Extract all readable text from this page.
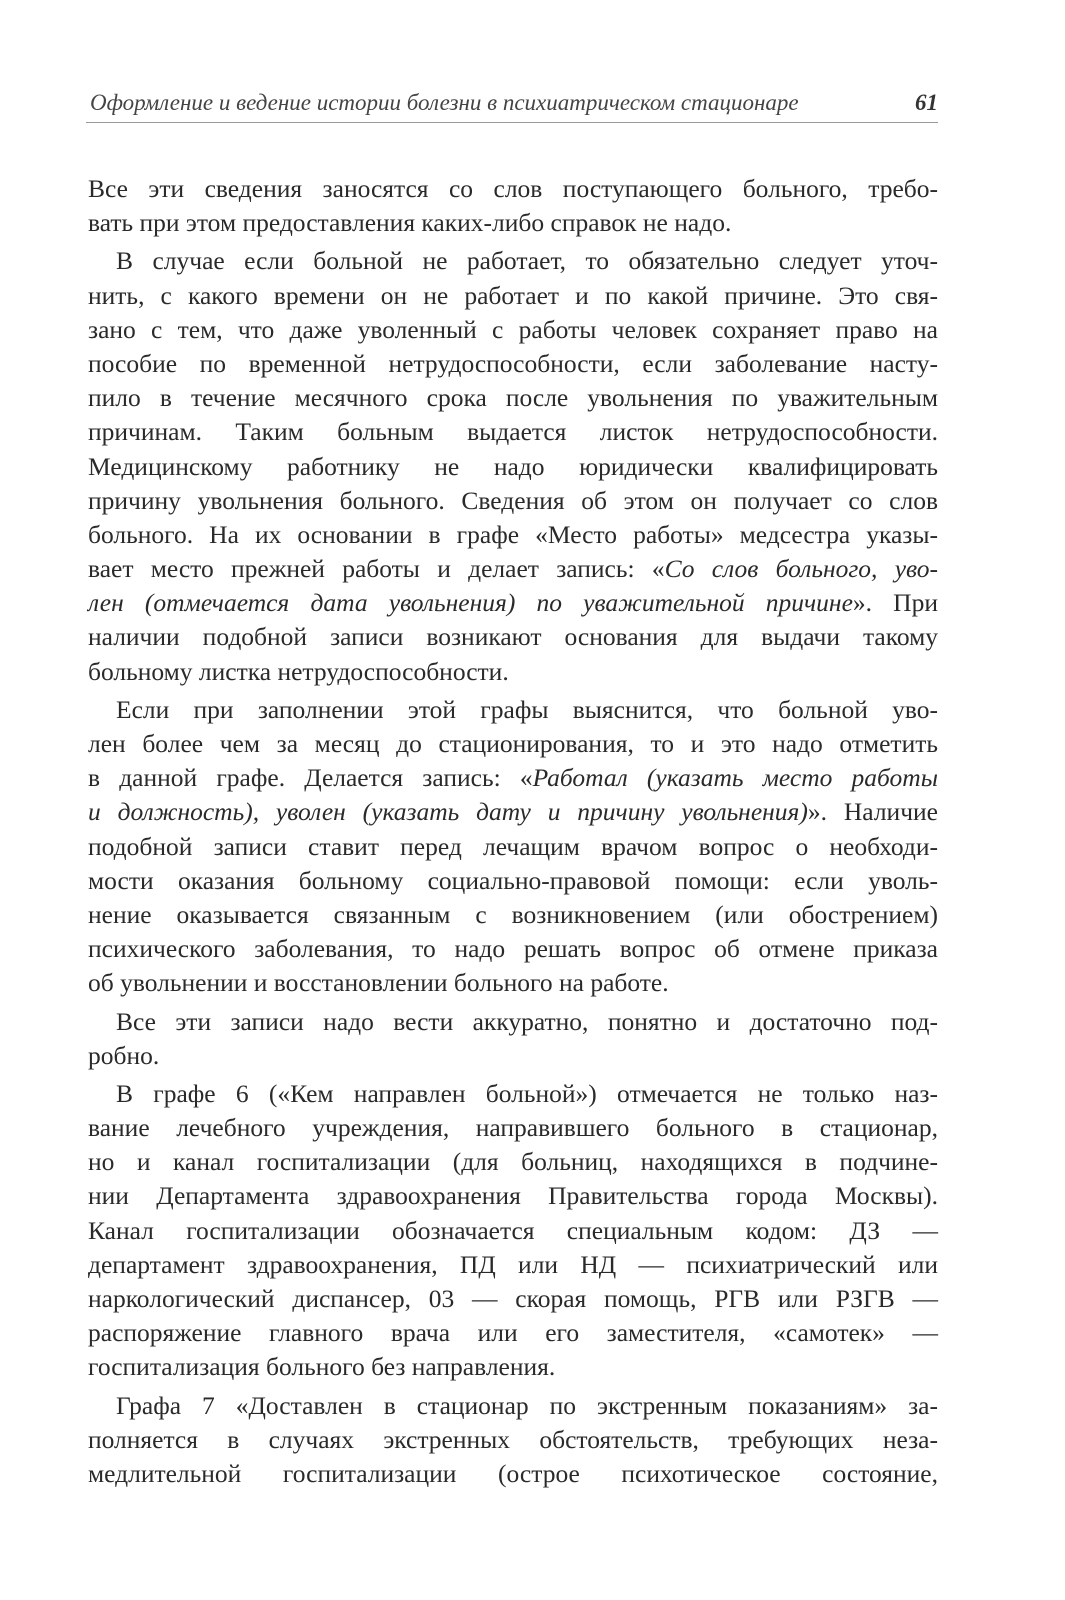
Оформление и ведение истории болезни в психиатрическом стационаре	61
Все эти сведения заносятся со слов поступающего больного, требо-
вать при этом предоставления каких-либо справок не надо.
В случае если больной не работает, то обязательно следует уточ-
нить, с какого времени он не работает и по какой причине. Это свя-
зано с тем, что даже уволенный с работы человек сохраняет право на
пособие по временной нетрудоспособности, если заболевание насту-
пило в течение месячного срока после увольнения по уважительным
причинам. Таким больным выдается листок нетрудоспособности.
Медицинскому работнику не надо юридически квалифицировать
причину увольнения больного. Сведения об этом он получает со слов
больного. На их основании в графе «Место работы» медсестра указы-
вает место прежней работы и делает запись: «Со слов больного, уво-
лен (отмечается дата увольнения) по уважительной причине». При
наличии подобной записи возникают основания для выдачи такому
больному листка нетрудоспособности.
Если при заполнении этой графы выяснится, что больной уво-
лен более чем за месяц до стационирования, то и это надо отметить
в данной графе. Делается запись: «Работал (указать место работы
и должность), уволен (указать дату и причину увольнения)». Наличие
подобной записи ставит перед лечащим врачом вопрос о необходи-
мости оказания больному социально-правовой помощи: если уволь-
нение оказывается связанным с возникновением (или обострением)
психического заболевания, то надо решать вопрос об отмене приказа
об увольнении и восстановлении больного на работе.
Все эти записи надо вести аккуратно, понятно и достаточно под-
робно.
В графе 6 («Кем направлен больной») отмечается не только наз-
вание лечебного учреждения, направившего больного в стационар,
но и канал госпитализации (для больниц, находящихся в подчине-
нии Департамента здравоохранения Правительства города Москвы).
Канал госпитализации обозначается специальным кодом: ДЗ —
департамент здравоохранения, ПД или НД — психиатрический или
наркологический диспансер, 03 — скорая помощь, РГВ или РЗГВ —
распоряжение главного врача или его заместителя, «самотек» —
госпитализация больного без направления.
Графа 7 «Доставлен в стационар по экстренным показаниям» за-
полняется в случаях экстренных обстоятельств, требующих неза-
медлительной госпитализации (острое психотическое состояние,
